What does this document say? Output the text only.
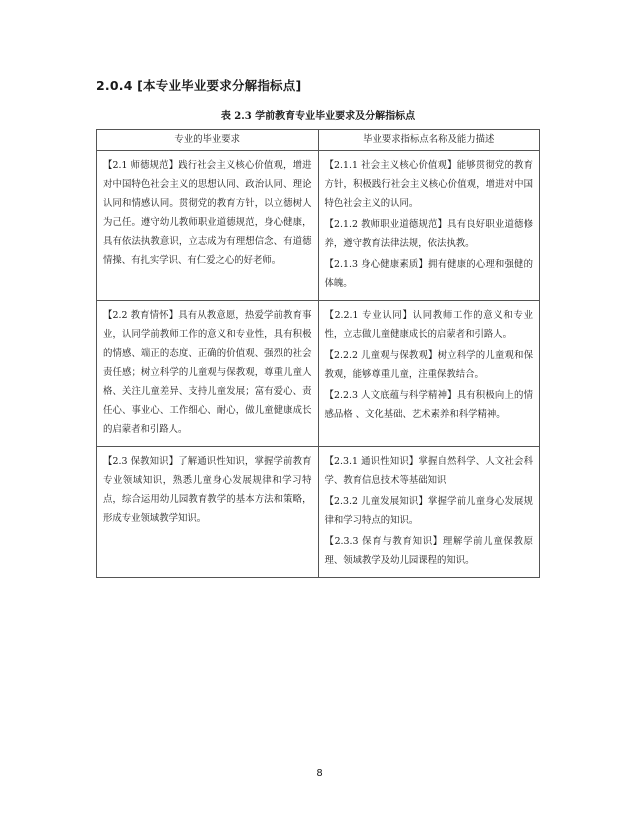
2.0.4 [本专业毕业要求分解指标点]
表 2.3 学前教育专业毕业要求及分解指标点
专业的毕业要求	毕业要求指标点名称及能力描述
【2.1 师德规范】践行社会主义核心价值观，增进对中国特色社会主义的思想认同、政治认同、理论认同和情感认同。贯彻党的教育方针，以立德树人为己任。遵守幼儿教师职业道德规范，身心健康，具有依法执教意识，立志成为有理想信念、有道德情操、有扎实学识、有仁爱之心的好老师。	【2.1.1 社会主义核心价值观】能够贯彻党的教育方针，积极践行社会主义核心价值观，增进对中国特色社会主义的认同。
【2.1.2 教师职业道德规范】具有良好职业道德修养，遵守教育法律法规，依法执教。
【2.1.3 身心健康素质】拥有健康的心理和强健的体魄。

【2.2 教育情怀】具有从教意愿，热爱学前教育事业，认同学前教师工作的意义和专业性，具有积极的情感、端正的态度、正确的价值观、强烈的社会责任感；树立科学的儿童观与保教观，尊重儿童人格、关注儿童差异、支持儿童发展；富有爱心、责任心、事业心、工作细心、耐心，做儿童健康成长的启蒙者和引路人。	【2.2.1 专业认同】认同教师工作的意义和专业性，立志做儿童健康成长的启蒙者和引路人。
【2.2.2 儿童观与保教观】树立科学的儿童观和保教观，能够尊重儿童，注重保教结合。
【2.2.3 人文底蕴与科学精神】具有积极向上的情感品格 、文化基础、艺术素养和科学精神。

【2.3 保教知识】了解通识性知识，掌握学前教育专业领域知识，熟悉儿童身心发展规律和学习特点，综合运用幼儿园教育教学的基本方法和策略，形成专业领域教学知识。	【2.3.1 通识性知识】掌握自然科学、人文社会科学、教育信息技术等基础知识
【2.3.2 儿童发展知识】掌握学前儿童身心发展规律和学习特点的知识。
【2.3.3 保育与教育知识】理解学前儿童保教原理、领域教学及幼儿园课程的知识。
8
